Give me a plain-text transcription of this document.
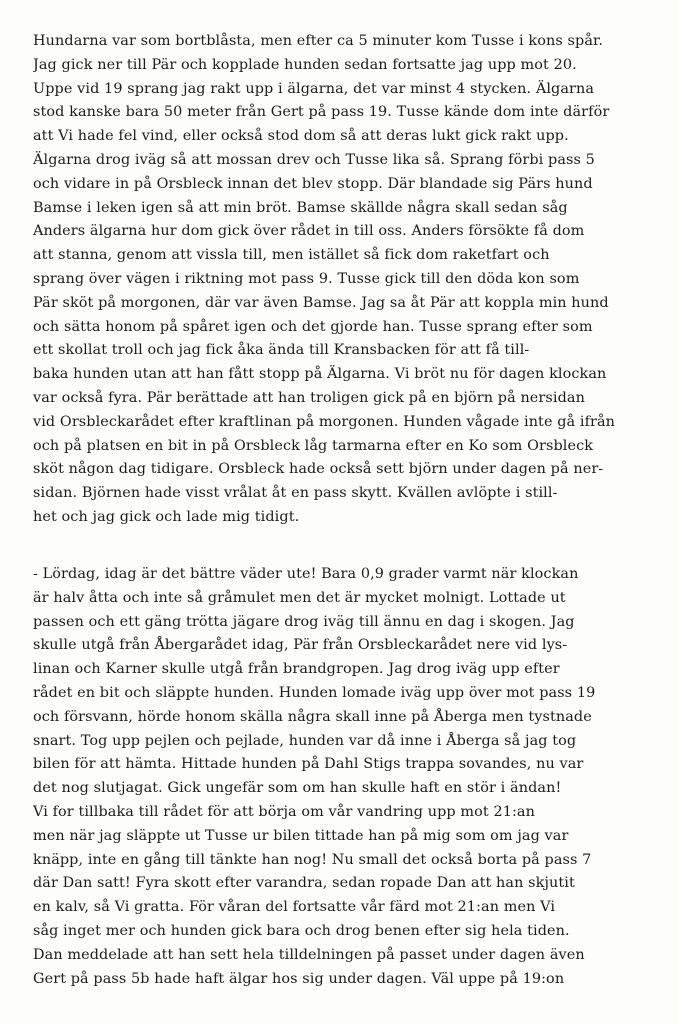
Hundarna var som bortblåsta, men efter ca 5 minuter kom Tusse i kons spår.
Jag gick ner till Pär och kopplade hunden sedan fortsatte jag upp mot 20.
Uppe vid 19 sprang jag rakt upp i älgarna, det var minst 4 stycken. Älgarna
stod kanske bara 50 meter från Gert på pass 19. Tusse kände dom inte därför
att Vi hade fel vind, eller också stod dom så att deras lukt gick rakt upp.
Älgarna drog iväg så att mossan drev och Tusse lika så. Sprang förbi pass 5
och vidare in på Orsbleck innan det blev stopp. Där blandade sig Pärs hund
Bamse i leken igen så att min bröt. Bamse skällde några skall sedan såg
Anders älgarna hur dom gick över rådet in till oss. Anders försökte få dom
att stanna, genom att vissla till, men istället så fick dom raketfart och
sprang över vägen i riktning mot pass 9. Tusse gick till den döda kon som
Pär sköt på morgonen, där var även Bamse. Jag sa åt Pär att koppla min hund
och sätta honom på spåret igen och det gjorde han. Tusse sprang efter som
ett skollat troll och jag fick åka ända till Kransbacken för att få till-
baka hunden utan att han fått stopp på Älgarna. Vi bröt nu för dagen klockan
var också fyra. Pär berättade att han troligen gick på en björn på nersidan
vid Orsbleckarådet efter kraftlinan på morgonen. Hunden vågade inte gå ifrån
och på platsen en bit in på Orsbleck låg tarmarna efter en Ko som Orsbleck
sköt någon dag tidigare. Orsbleck hade också sett björn under dagen på ner-
sidan. Björnen hade visst vrålat åt en pass skytt. Kvällen avlöpte i still-
het och jag gick och lade mig tidigt.
- Lördag, idag är det bättre väder ute! Bara 0,9 grader varmt när klockan
är halv åtta och inte så gråmulet men det är mycket molnigt. Lottade ut
passen och ett gäng trötta jägare drog iväg till ännu en dag i skogen. Jag
skulle utgå från Åbergarådet idag, Pär från Orsbleckarådet nere vid lys-
linan och Karner skulle utgå från brandgropen. Jag drog iväg upp efter
rådet en bit och släppte hunden. Hunden lomade iväg upp över mot pass 19
och försvann, hörde honom skälla några skall inne på Åberga men tystnade
snart. Tog upp pejlen och pejlade, hunden var då inne i Åberga så jag tog
bilen för att hämta. Hittade hunden på Dahl Stigs trappa sovandes, nu var
det nog slutjagat. Gick ungefär som om han skulle haft en stör i ändan!
Vi for tillbaka till rådet för att börja om vår vandring upp mot 21:an
men när jag släppte ut Tusse ur bilen tittade han på mig som om jag var
knäpp, inte en gång till tänkte han nog! Nu small det också borta på pass 7
där Dan satt! Fyra skott efter varandra, sedan ropade Dan att han skjutit
en kalv, så Vi gratta. För våran del fortsatte vår färd mot 21:an men Vi
såg inget mer och hunden gick bara och drog benen efter sig hela tiden.
Dan meddelade att han sett hela tilldelningen på passet under dagen även
Gert på pass 5b hade haft älgar hos sig under dagen. Väl uppe på 19:on
